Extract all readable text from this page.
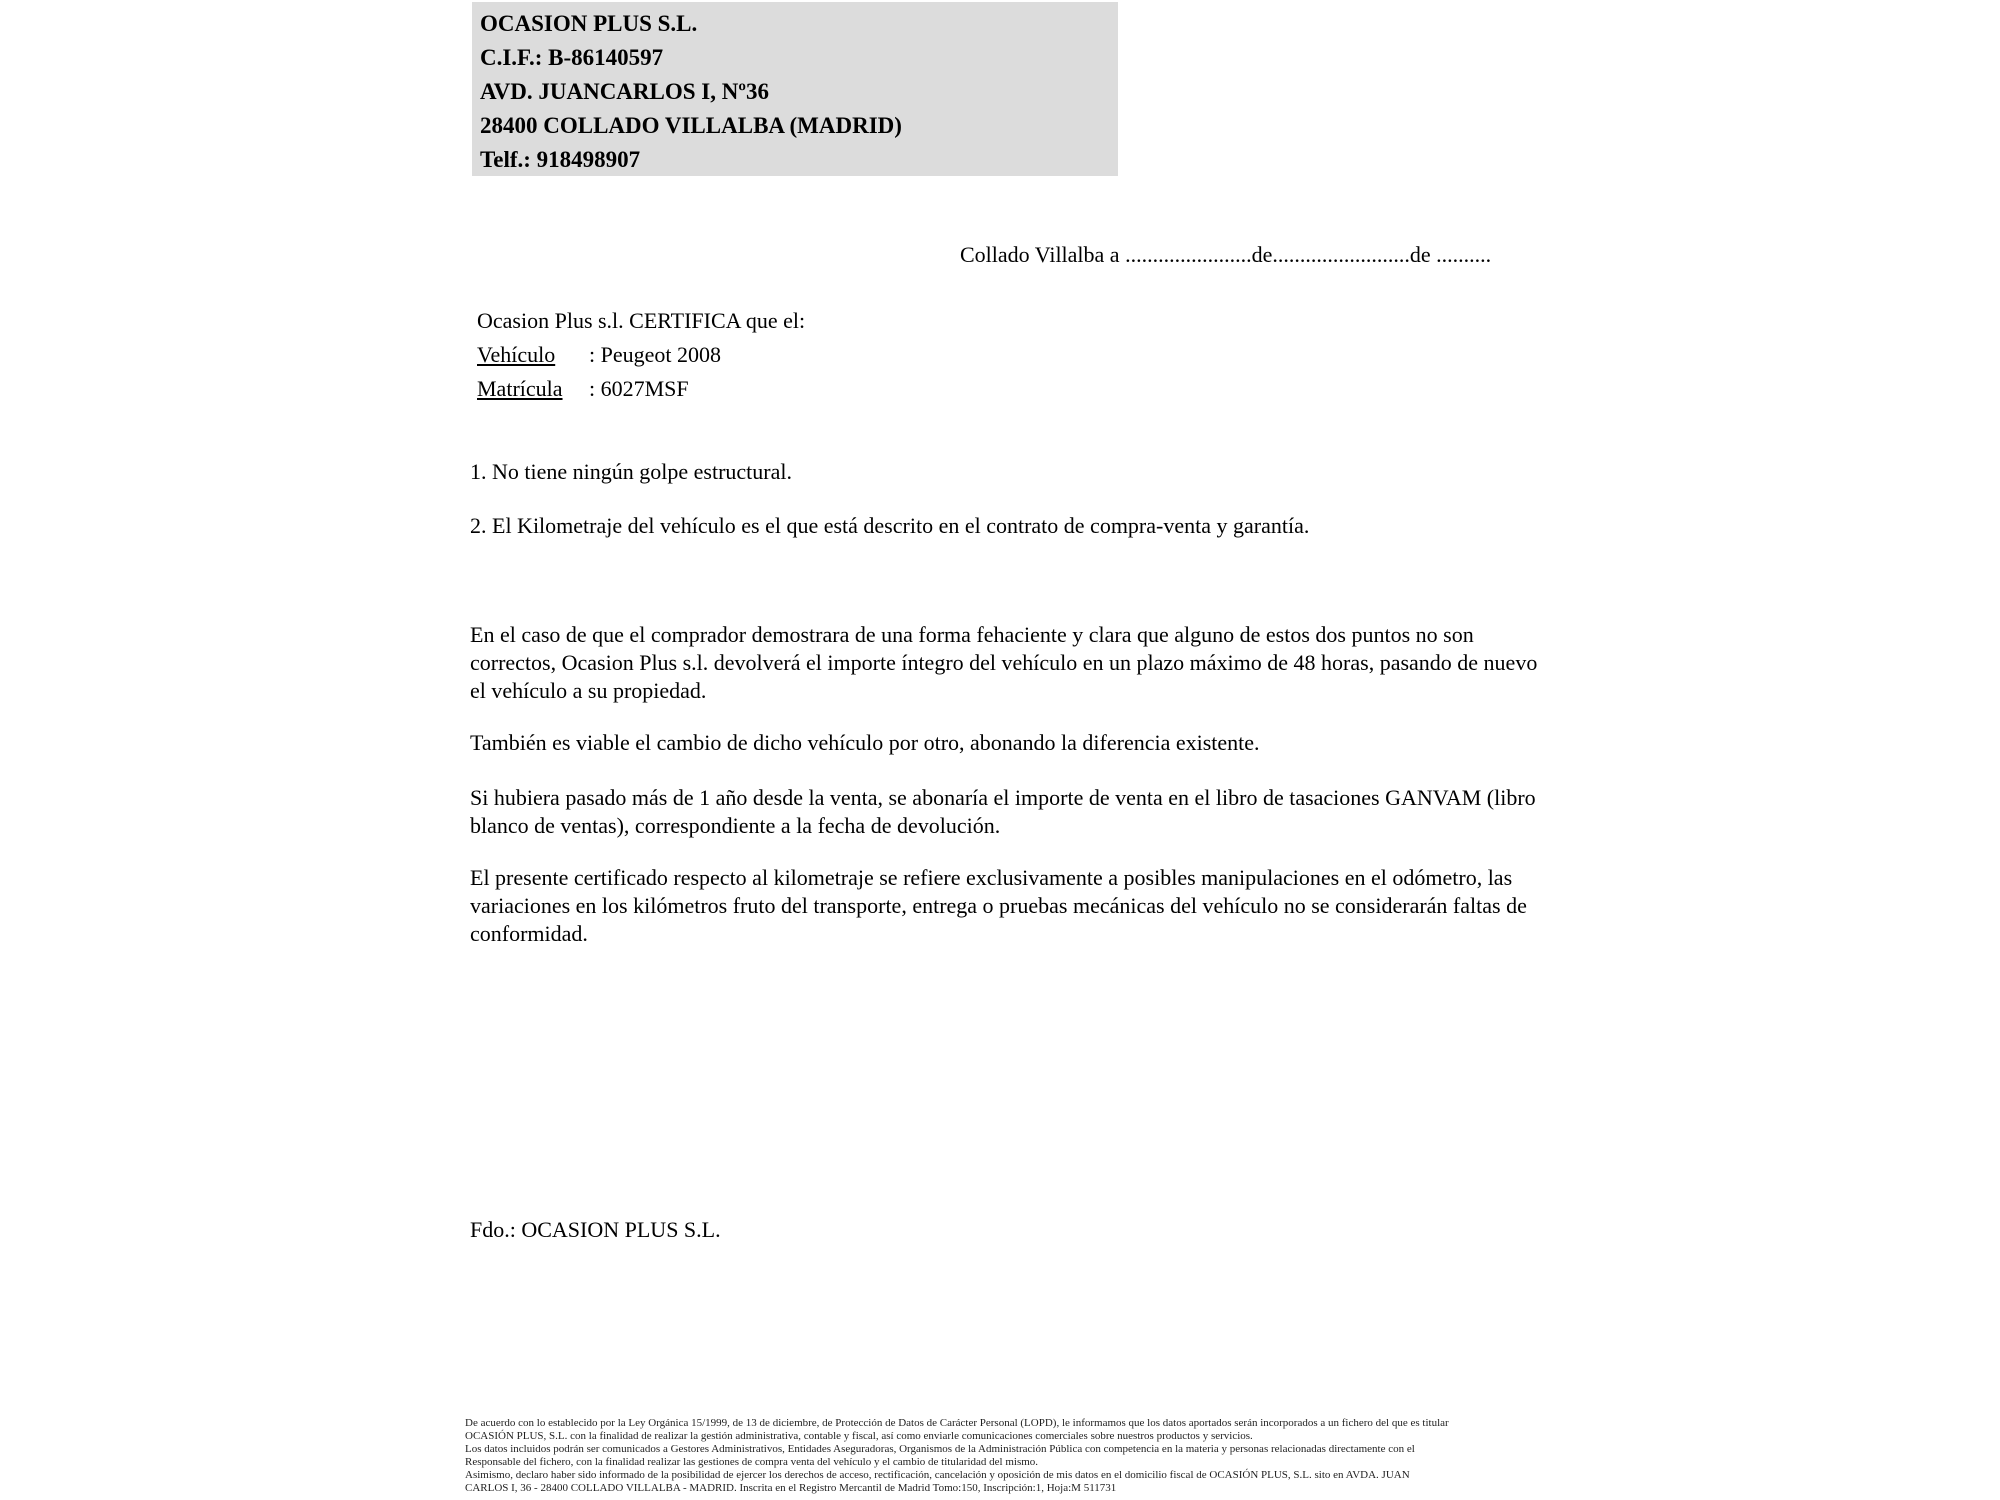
OCASION PLUS S.L.
C.I.F.: B-86140597
AVD. JUANCARLOS I, Nº36
28400 COLLADO VILLALBA (MADRID)
Telf.: 918498907
Collado Villalba a .......................de.........................de ..........
Ocasion Plus s.l. CERTIFICA que el:
Vehículo : Peugeot 2008
Matrícula : 6027MSF
1. No tiene ningún golpe estructural.
2. El Kilometraje del vehículo es el que está descrito en el contrato de compra-venta y garantía.
En el caso de que el comprador demostrara de una forma fehaciente y clara que alguno de estos dos puntos no son correctos, Ocasion Plus s.l. devolverá el importe íntegro del vehículo en un plazo máximo de 48 horas, pasando de nuevo el vehículo a su propiedad.
También es viable el cambio de dicho vehículo por otro, abonando la diferencia existente.
Si hubiera pasado más de 1 año desde la venta, se abonaría el importe de venta en el libro de tasaciones GANVAM (libro blanco de ventas), correspondiente a la fecha de devolución.
El presente certificado respecto al kilometraje se refiere exclusivamente a posibles manipulaciones en el odómetro, las variaciones en los kilómetros fruto del transporte, entrega o pruebas mecánicas del vehículo no se considerarán faltas de conformidad.
Fdo.: OCASION PLUS S.L.
De acuerdo con lo establecido por la Ley Orgánica 15/1999, de 13 de diciembre, de Protección de Datos de Carácter Personal (LOPD), le informamos que los datos aportados serán incorporados a un fichero del que es titular
OCASIÓN PLUS, S.L. con la finalidad de realizar la gestión administrativa, contable y fiscal, así como enviarle comunicaciones comerciales sobre nuestros productos y servicios.
Los datos incluidos podrán ser comunicados a Gestores Administrativos, Entidades Aseguradoras, Organismos de la Administración Pública con competencia en la materia y personas relacionadas directamente con el
Responsable del fichero, con la finalidad realizar las gestiones de compra venta del vehículo y el cambio de titularidad del mismo.
Asimismo, declaro haber sido informado de la posibilidad de ejercer los derechos de acceso, rectificación, cancelación y oposición de mis datos en el domicilio fiscal de OCASIÓN PLUS, S.L. sito en AVDA. JUAN
CARLOS I, 36 - 28400 COLLADO VILLALBA - MADRID. Inscrita en el Registro Mercantil de Madrid Tomo:150, Inscripción:1, Hoja:M 511731
